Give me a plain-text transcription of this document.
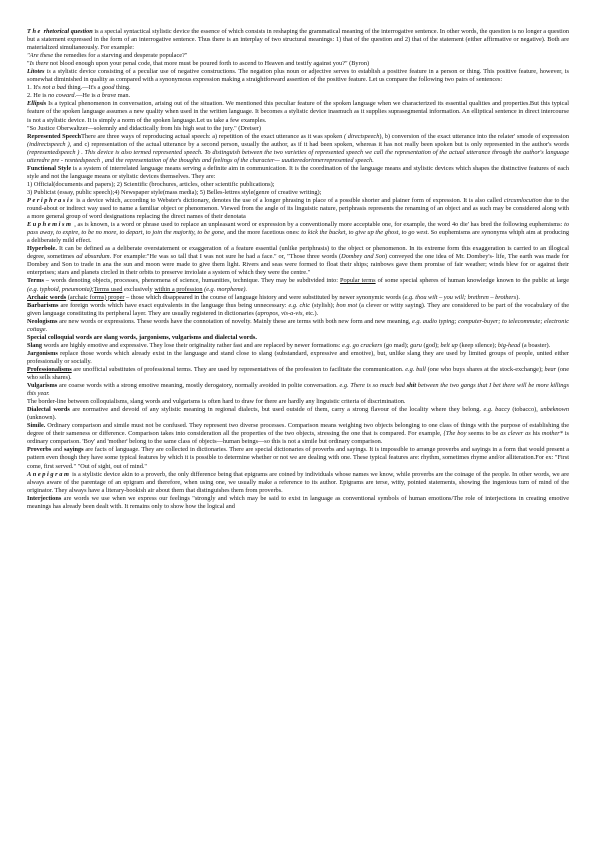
The rhetorical question is a special syntactical stylistic device the essence of which consists in reshaping the grammatical meaning of the interrogative sentence. In other words, the question is no longer a question but a statement expressed in the form of an interrogative sentence. Thus there is an interplay of two structural meanings: 1) that of the question and 2) that of the statement (either affirmative or negative). Both are materialized simultaneously. For example:

"Are these the remedies for a starving and desperate populace?"

"Is there not blood enough upon your penal code, that more must be poured forth to ascend to Heaven and testify against you?" (Byron)

Litotes is a stylistic device consisting of a peculiar use of negative constructions. The negation plus noun or adjective serves to establish a positive feature in a person or thing. This positive feature, however, is somewhat diminished in quality as compared with a synonymous expression making a straightforward assertion of the positive feature. Let us compare the following two pairs of sentences:

1. It's not a bad thing.—It's a good thing.

2. He is no coward.—He is a brave man.

Ellipsis Is a typical phenomenon in conversation, arising out of the situation. We mentioned this peculiar feature of the spoken language when we characterized its essential qualities and properties.But this typical feature of the spoken language assumes a new quality when used in the written language. It becomes a stylistic device inasmuch as it supplies suprasegmental information. An elliptical sentence in direct intercourse is not a stylistic device. It is simply a norm of the spoken language.Let us take a few examples.

"So Justice Oberwaltzer—solemnly and didactically from his high seat to the jury." (Dreiser)

Represented SpeechThere are three ways of reproducing actual speech: a) repetition of the exact utterance as it was spoken ( directspeech), b) conversion of the exact utterance into the relater' smode of expression (indirectspeech ), and c) representation of the actual utterance by a second person, usually the author, as if it had been spoken, whereas it has not really been spoken but is only represented in the author's words (representedspeech ) . This device is also termed represented speech. To distinguish between the two varieties of represented speech we call the representation of the actual utterance through the author's language utteredre pre - resntedspeech , and the representation of the thoughts and feelings of the character— uuutteredorinnerrepresented speech.

Functional Style is a system of interrelated language means serving a definite aim in communication. It is the coordination of the language means and stylistic devices which shapes the distinctive features of each style and not the language means or stylistic devices themselves. They are:

1) Official(documents and papers); 2) Scientific (brochures, articles, other scientific publications);

3) Publicist (essay, public speech);4) Newspaper style(mass media); 5) Belles-lettres style(genre of creative writing);

Periphrasis is a device which, according to Webster's dictionary, denotes the use of a longer phrasing in place of a possible shorter and plainer form of expression. It is also called circumlocution due to the round-about or indirect way used to name a familiar object or phenomenon. Viewed from the angle of its linguistic nature, periphrasis represents the renaming of an object and as such may be considered along with a more general group of word designations replacing the direct names of their denotata

Euphemism , as is known, is a word or phrase used to replace an unpleasant word or expression by a conventionally more acceptable one, for example, the word 4o die' has bred the following euphemisms: to pass away, to expire, to be no more, to depart, to join the majority, to be gone, and the more facetious ones: to kick the bucket, to give up the ghost, to go west. So euphemisms are synonyms whiph aim at producing a deliberately mild effect.

Hyperbole. It can be defined as a deliberate overstatement or exaggeration of a feature essential (unlike periphrasis) to the object or phenomenon. In its extreme form this exaggeration is carried to an illogical degree, sometimes ad absurdum. For example:"He was so tall that I was not sure he had a face." or, "Those three words (Dombey and Son) conveyed the one idea of Mr. Dombey's- life, The earth was made for Dombey and Son to trade in ana the sun and moon were made to give them light. Rivers and seas were formed to float their ships; rainbows gave them promise of fair weather; winds blew for or against their enterprises; stars and planets circled in their orbits to preserve inviolate a system of which they were the centre."

Terms – words denoting objects, processes, phenomena of science, humanities, technique. They may be subdivided into: Popular terms of some special spheres of human knowledge known to the public at large (e.g. typhoid, pneumonia);Terms used exclusively within a profession (e.g. morpheme).

Archaic words (archaic forms) proper – those which disappeared in the course of language history and were substituted by newer synonymic words (e.g. thou wilt – you will; brethren – brothers).

Barbarisms are foreign words which have exact equivalents in the language thus being unnecessary: e.g. chic (stylish); bon mot (a clever or witty saying). They are considered to be part of the vocabulary of the given language constituting its peripheral layer. They are usually registered in dictionaries (apropos, vis-a-vis, etc.).

Neologisms are new words or expressions. These words have the connotation of novelty. Mainly these are terms with both new form and new meaning, e.g. audio typing; computer-buyer; to telecommute; electronic cottage.

Special colloquial words are slang words, jargonisms, vulgarisms and dialectal words.

Slang words are highly emotive and expressive. They lose their originality rather fast and are replaced by newer formations: e.g. go crackers (go mad); guru (god); belt up (keep silence); big-head (a boaster).

Jargonisms replace those words which already exist in the language and stand close to slang (substandard, expressive and emotive), but, unlike slang they are used by limited groups of people, united either professionally or socially.

Professionalisms are unofficial substitutes of professional terms. They are used by representatives of the profession to facilitate the communication. e.g. bull (one who buys shares at the stock-exchange); bear (one who sells shares).

Vulgarisms are coarse words with a strong emotive meaning, mostly derogatory, normally avoided in polite conversation. e.g. There is so much bad shit between the two gangs that I bet there will be more killings this year.

The border-line between colloquialisms, slang words and vulgarisms is often hard to draw for there are hardly any linguistic criteria of discrimination.

Dialectal words are normative and devoid of any stylistic meaning in regional dialects, but used outside of them, carry a strong flavour of the locality where they belong. e.g. baccy (tobacco), unbeknown (unknown).

Simile. Ordinary comparison and simile must not be confused. They represent two diverse processes. Comparison means weighing two objects belonging to one class of things with the purpose of establishing the degree of their sameness or difference. Comparison takes into consideration all the properties of the two objects, stressing the one that is compared. For example, {The boy seems to be as clever as his mother* is ordinary comparison. 'Boy' and 'mother' belong to the same class of objects—human beings—so this is not a simile but ordinary comparison.

Proverbs and sayings are facts of language. They are collected in dictionaries. There are special dictionaries of proverbs and sayings. It is impossible to arrange proverbs and sayings in a form that would present a pattern even though they have some typical features by which it is possible to determine whether or not we are dealing with one. These typical features are: rhythm, sometimes rhyme and/or alliteration.For ex: "First come, first served." "Out of sight, out of mind."

Anepigram is a stylistic device akin to a proverb, the only difference being that epigrams are coined by individuals whose names we know, while proverbs are the coinage of the people. In other words, we are always aware of the parentage of an epigram and therefore, when using one, we usually make a reference to its author. Epigrams are terse, witty, pointed statements, showing the ingenious turn of mind of the originator. They always have a literary-bookish air about them that distinguishes them from proverbs.

Interjections are words we use when we express our feelings "strongly and which may be said to exist in language as conventional symbols of human emotions/The role of interjections in creating emotive meanings has already been dealt with. It remains only to show how the logical and
